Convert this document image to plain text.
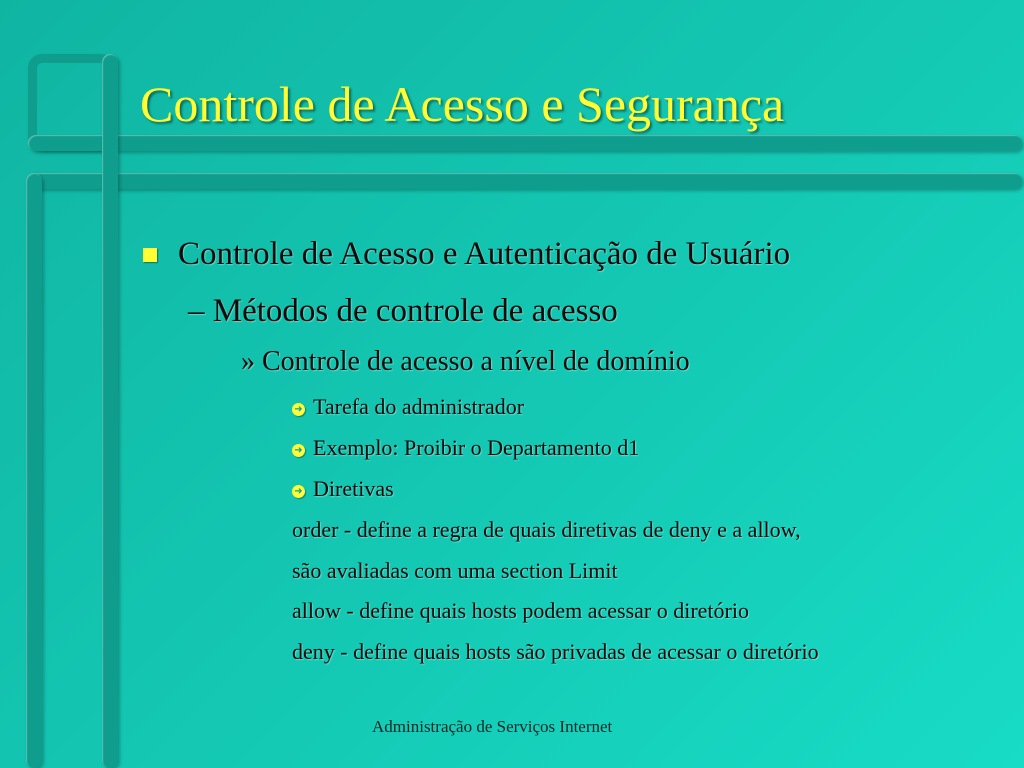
Controle de Acesso e Segurança
Controle de Acesso e Autenticação de Usuário
– Métodos de controle de acesso
» Controle de acesso a nível de domínio
➜ Tarefa do administrador
➜ Exemplo: Proibir o Departamento d1
➜ Diretivas
order - define a regra de quais diretivas de deny e a allow,
são avaliadas com uma section Limit
allow - define quais hosts podem acessar o diretório
deny - define quais hosts são privadas de acessar o diretório
Administração de Serviços Internet
